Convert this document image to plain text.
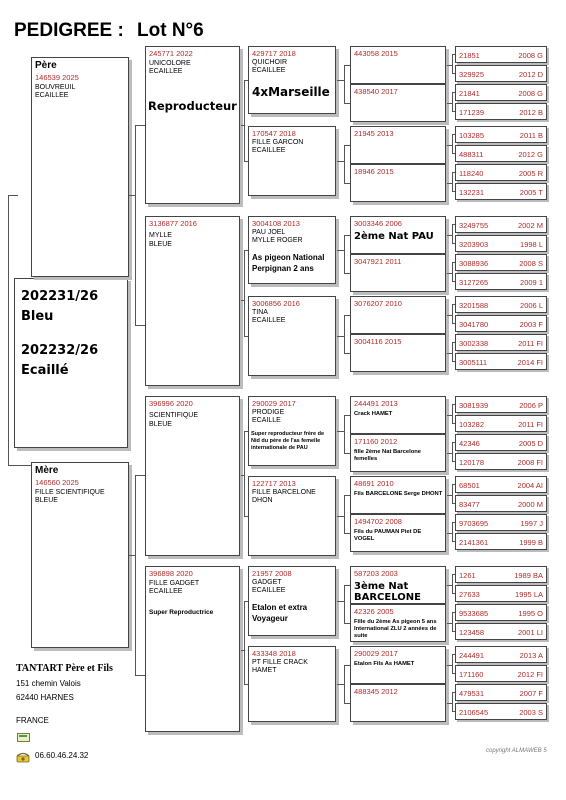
PEDIGREE : Lot N°6
202231/26
Bleu
202232/26
Ecaillé
Père
146539 2025
BOUVREUIL
ECAILLEE
Mère
146560 2025
FILLE SCIENTIFIQUE
BLEUE
245771 2022
UNICOLORE
ECAILLEE
Reproducteur
3136877 2016
MYLLE
BLEUE
396996 2020
SCIENTIFIQUE
BLEUE
396898 2020
FILLE GADGET
ECAILLEE
Super Reproductrice
429717 2018
QUICHOIR
ECAILLEE
4xMarseille
170547 2018
FILLE GARCON
ECAILLEE
3004108 2013
PAU JOEL
MYLLE ROGER
As pigeon National Perpignan 2 ans
3006856 2016
TINA
ECAILLEE
290029 2017
PRODIGE
ECAILLE
Super reproducteur frère de Nid du père de l'as femelle internationale de PAU
122717 2013
FILLE BARCELONE
DHON
21957 2008
GADGET
ECAILLEE
Etalon et extra Voyageur
433348 2018
PT FILLE CRACK
HAMET
443058 2015
438540 2017
21945 2013
18946 2015
3003346 2006
2ème Nat PAU
3047921 2011
3076207 2010
3004116 2015
244491 2013
Crack HAMET
171160 2012
fille 2ème Nat Barcelone femelles
48691 2010
Fils BARCELONE Serge DHONT
1494702 2008
Fils du PAUMAN Piet DE VOGEL
587203 2003
3ème Nat BARCELONE
42326 2005
Fille du 2ème As pigeon 5 ans International ZLU 2 années de suite
290029 2017
Etalon Fils As HAMET
488345 2012
21851	2008 G
329925	2012 D
21841	2008 G
171239	2012 B
103285	2011 B
488311	2012 G
118240	2005 R
132231	2005 T
3249755	2002 M
3203903	1998 L
3088936	2008 S
3127265	2009 1
3201588	2006 L
3041780	2003 F
3002338	2011 FI
3005111	2014 FI
3081939	2006 P
103282	2011 FI
42346	2005 D
120178	2008 FI
68501	2004 AI
83477	2000 M
9703695	1997 J
2141361	1999 B
1261	1989 BA
27633	1995 LA
9533685	1995 O
123458	2001 LI
244491	2013 A
171160	2012 FI
479531	2007 F
2106545	2003 S
TANTART Père et Fils
151 chemin Valois
62440 HARNES
FRANCE
06.60.46.24.32	copyright ALMAWEB 5
